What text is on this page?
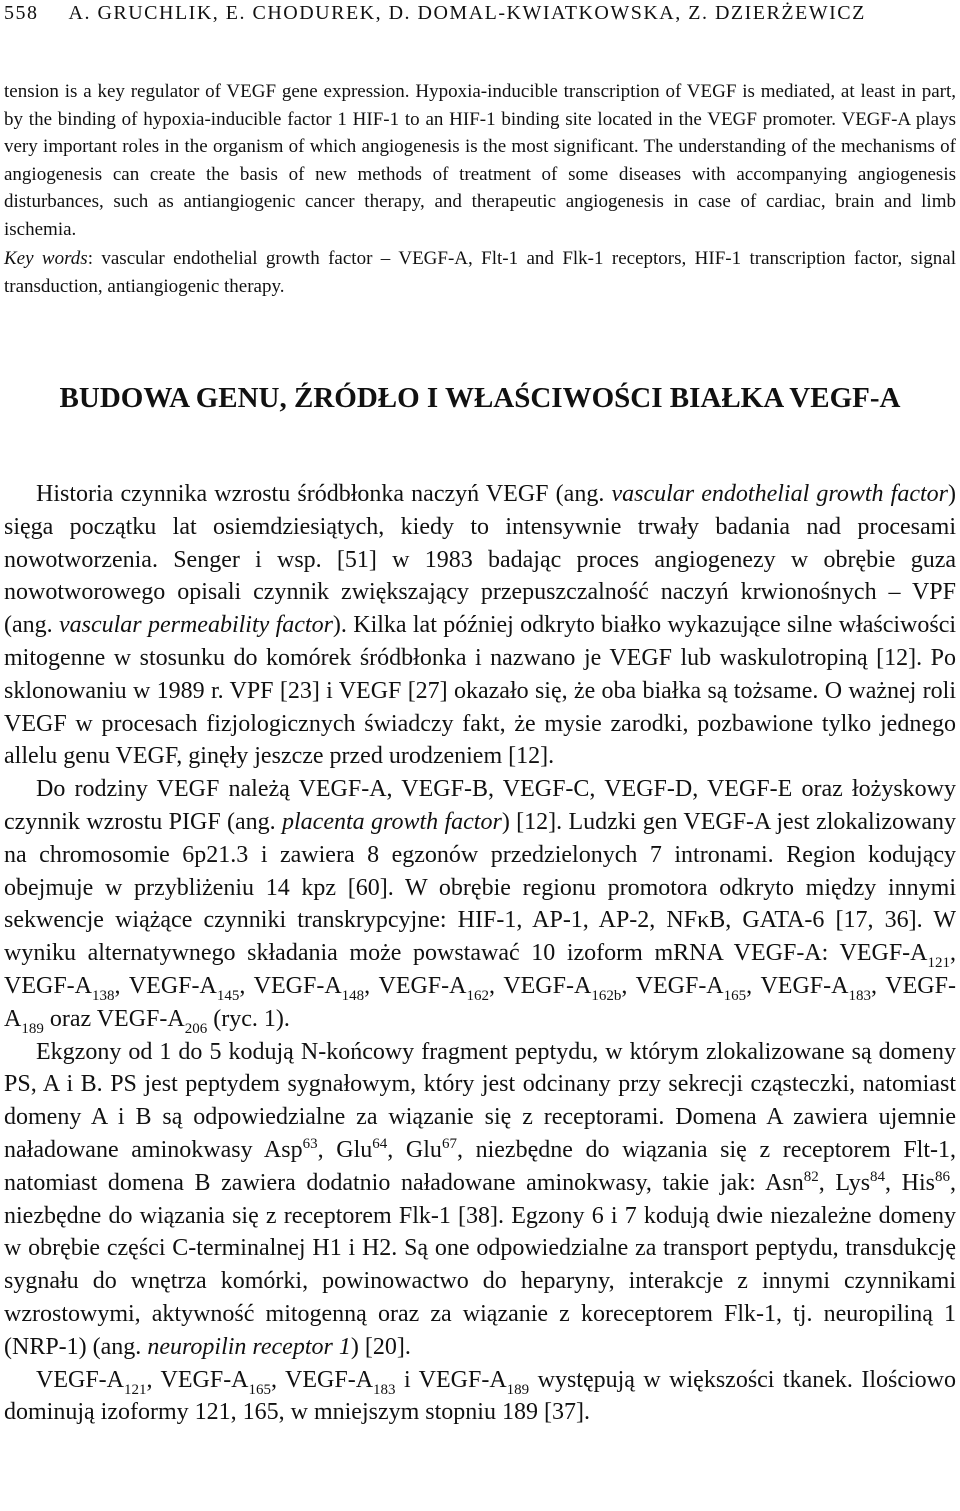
558 A. GRUCHLIK, E. CHODUREK, D. DOMAL-KWIATKOWSKA, Z. DZIERŻEWICZ

tension is a key regulator of VEGF gene expression. Hypoxia-inducible transcription of VEGF is mediated, at least in part, by the binding of hypoxia-inducible factor 1 HIF-1 to an HIF-1 binding site located in the VEGF promoter. VEGF-A plays very important roles in the organism of which angiogenesis is the most significant. The understanding of the mechanisms of angiogenesis can create the basis of new methods of treatment of some diseases with accompanying angiogenesis disturbances, such as antiangiogenic cancer therapy, and therapeutic angiogenesis in case of cardiac, brain and limb ischemia.

Key words: vascular endothelial growth factor – VEGF-A, Flt-1 and Flk-1 receptors, HIF-1 transcription factor, signal transduction, antiangiogenic therapy.

BUDOWA GENU, ŹRÓDŁO I WŁAŚCIWOŚCI BIAŁKA VEGF-A

Historia czynnika wzrostu śródbłonka naczyń VEGF (ang. vascular endothelial growth factor) sięga początku lat osiemdziesiątych, kiedy to intensywnie trwały badania nad procesami nowotworzenia. Senger i wsp. [51] w 1983 badając proces angiogenezy w obrębie guza nowotworowego opisali czynnik zwiększający przepuszczalność naczyń krwionośnych – VPF (ang. vascular permeability factor). Kilka lat później odkryto białko wykazujące silne właściwości mitogenne w stosunku do komórek śródbłonka i nazwano je VEGF lub waskulotropiną [12]. Po sklonowaniu w 1989 r. VPF [23] i VEGF [27] okazało się, że oba białka są tożsame. O ważnej roli VEGF w procesach fizjologicznych świadczy fakt, że mysie zarodki, pozbawione tylko jednego allelu genu VEGF, ginęły jeszcze przed urodzeniem [12].

Do rodziny VEGF należą VEGF-A, VEGF-B, VEGF-C, VEGF-D, VEGF-E oraz łożyskowy czynnik wzrostu PIGF (ang. placenta growth factor) [12]. Ludzki gen VEGF-A jest zlokalizowany na chromosomie 6p21.3 i zawiera 8 egzonów przedzielonych 7 intronami. Region kodujący obejmuje w przybliżeniu 14 kpz [60]. W obrębie regionu promotora odkryto między innymi sekwencje wiążące czynniki transkrypcyjne: HIF-1, AP-1, AP-2, NFκB, GATA-6 [17, 36]. W wyniku alternatywnego składania może powstawać 10 izoform mRNA VEGF-A: VEGF-$A_{121}$, VEGF-$A_{138}$, VEGF-$A_{145}$, VEGF-$A_{148}$, VEGF-$A_{162}$, VEGF-$A_{162b}$, VEGF-$A_{165}$, VEGF-$A_{183}$, VEGF-$A_{189}$ oraz VEGF-$A_{206}$ (ryc. 1).

Ekgzony od 1 do 5 kodują N-końcowy fragment peptydu, w którym zlokalizowane są domeny PS, A i B. PS jest peptydem sygnałowym, który jest odcinany przy sekrecji cząsteczki, natomiast domeny A i B są odpowiedzialne za wiązanie się z receptorami. Domena A zawiera ujemnie naładowane aminokwasy Asp$^{63}$, Glu$^{64}$, Glu$^{67}$, niezbędne do wiązania się z receptorem Flt-1, natomiast domena B zawiera dodatnio naładowane aminokwasy, takie jak: Asn$^{82}$, Lys$^{84}$, His$^{86}$, niezbędne do wiązania się z receptorem Flk-1 [38]. Egzony 6 i 7 kodują dwie niezależne domeny w obrębie części C-terminalnej H1 i H2. Są one odpowiedzialne za transport peptydu, transdukcję sygnału do wnętrza komórki, powinowactwo do heparyny, interakcje z innymi czynnikami wzrostowymi, aktywność mitogenną oraz za wiązanie z koreceptorem Flk-1, tj. neuropiliną 1 (NRP-1) (ang. neuropilin receptor 1) [20].

VEGF-$A_{121}$, VEGF-$A_{165}$, VEGF-$A_{183}$ i VEGF-$A_{189}$ występują w większości tkanek. Ilościowo dominują izoformy 121, 165, w mniejszym stopniu 189 [37].
